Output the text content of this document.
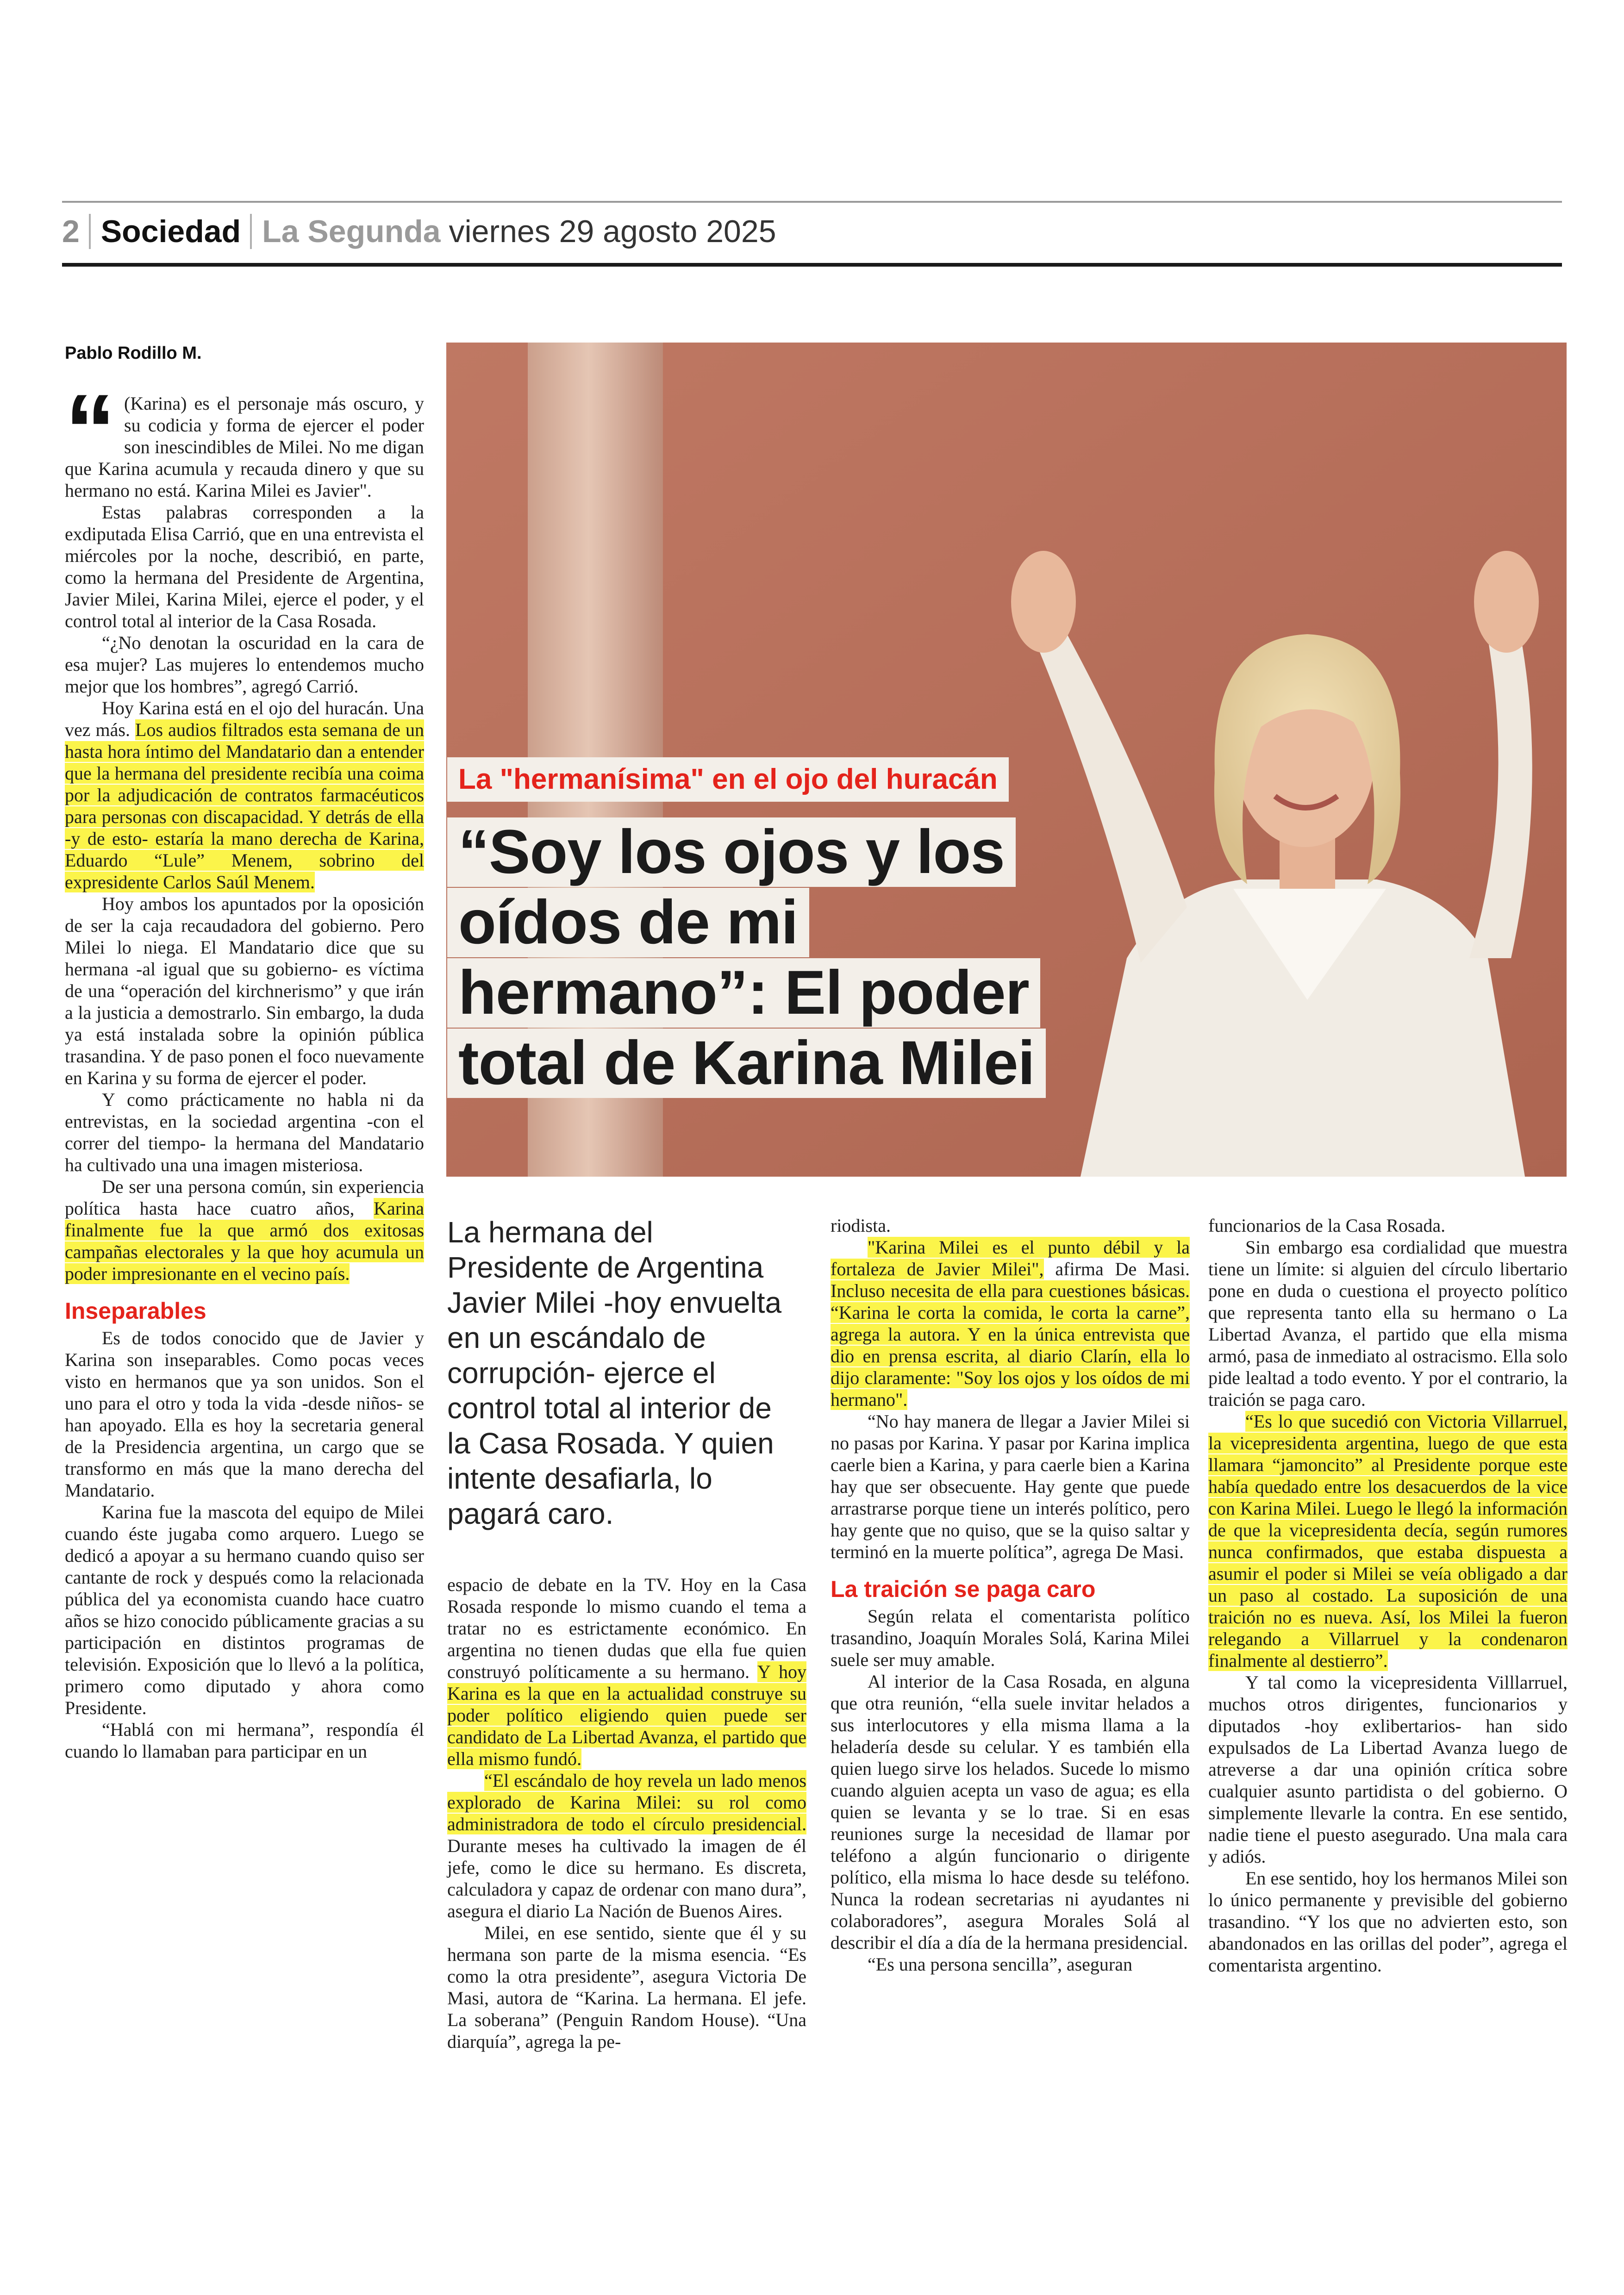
2 Sociedad La Segunda viernes 29 agosto 2025
Pablo Rodillo M.

“ (Karina) es el personaje más oscuro, y su codicia y forma de ejercer el poder son inescindibles de Milei. No me digan que Karina acumula y recauda dinero y que su hermano no está. Karina Milei es Javier".

Estas palabras corresponden a la exdiputada Elisa Carrió, que en una entrevista el miércoles por la noche, describió, en parte, como la hermana del Presidente de Argentina, Javier Milei, Karina Milei, ejerce el poder, y el control total al interior de la Casa Rosada.

“¿No denotan la oscuridad en la cara de esa mujer? Las mujeres lo entendemos mucho mejor que los hombres”, agregó Carrió.

Hoy Karina está en el ojo del huracán. Una vez más. Los audios filtrados esta semana de un hasta hora íntimo del Mandatario dan a entender que la hermana del presidente recibía una coima por la adjudicación de contratos farmacéuticos para personas con discapacidad. Y detrás de ella -y de esto- estaría la mano derecha de Karina, Eduardo “Lule” Menem, sobrino del expresidente Carlos Saúl Menem.

Hoy ambos los apuntados por la oposición de ser la caja recaudadora del gobierno. Pero Milei lo niega. El Mandatario dice que su hermana -al igual que su gobierno- es víctima de una “operación del kirchnerismo” y que irán a la justicia a demostrarlo. Sin embargo, la duda ya está instalada sobre la opinión pública trasandina. Y de paso ponen el foco nuevamente en Karina y su forma de ejercer el poder.

Y como prácticamente no habla ni da entrevistas, en la sociedad argentina -con el correr del tiempo- la hermana del Mandatario ha cultivado una una imagen misteriosa.

De ser una persona común, sin experiencia política hasta hace cuatro años, Karina finalmente fue la que armó dos exitosas campañas electorales y la que hoy acumula un poder impresionante en el vecino país.

Inseparables

Es de todos conocido que de Javier y Karina son inseparables. Como pocas veces visto en hermanos que ya son unidos. Son el uno para el otro y toda la vida -desde niños- se han apoyado. Ella es hoy la secretaria general de la Presidencia argentina, un cargo que se transformo en más que la mano derecha del Mandatario.

Karina fue la mascota del equipo de Milei cuando éste jugaba como arquero. Luego se dedicó a apoyar a su hermano cuando quiso ser cantante de rock y después como la relacionada pública del ya economista cuando hace cuatro años se hizo conocido públicamente gracias a su participación en distintos programas de televisión. Exposición que lo llevó a la política, primero como diputado y ahora como Presidente.

“Hablá con mi hermana”, respondía él cuando lo llamaban para participar en un

La "hermanísima" en el ojo del huracán
“Soy los ojos y los
oídos de mi
hermano”: El poder
total de Karina Milei
La hermana del Presidente de Argentina Javier Milei -hoy envuelta en un escándalo de corrupción- ejerce el control total al interior de la Casa Rosada. Y quien intente desafiarla, lo pagará caro.

espacio de debate en la TV. Hoy en la Casa Rosada responde lo mismo cuando el tema a tratar no es estrictamente económico. En argentina no tienen dudas que ella fue quien construyó políticamente a su hermano. Y hoy Karina es la que en la actualidad construye su poder político eligiendo quien puede ser candidato de La Libertad Avanza, el partido que ella mismo fundó.

“El escándalo de hoy revela un lado menos explorado de Karina Milei: su rol como administradora de todo el círculo presidencial. Durante meses ha cultivado la imagen de él jefe, como le dice su hermano. Es discreta, calculadora y capaz de ordenar con mano dura”, asegura el diario La Nación de Buenos Aires.

Milei, en ese sentido, siente que él y su hermana son parte de la misma esencia. “Es como la otra presidente”, asegura Victoria De Masi, autora de “Karina. La hermana. El jefe. La soberana” (Penguin Random House). “Una diarquía”, agrega la pe-

riodista.

"Karina Milei es el punto débil y la fortaleza de Javier Milei", afirma De Masi. Incluso necesita de ella para cuestiones básicas. “Karina le corta la comida, le corta la carne”, agrega la autora. Y en la única entrevista que dio en prensa escrita, al diario Clarín, ella lo dijo claramente: "Soy los ojos y los oídos de mi hermano".

“No hay manera de llegar a Javier Milei si no pasas por Karina. Y pasar por Karina implica caerle bien a Karina, y para caerle bien a Karina hay que ser obsecuente. Hay gente que puede arrastrarse porque tiene un interés político, pero hay gente que no quiso, que se la quiso saltar y terminó en la muerte política”, agrega De Masi.

La traición se paga caro

Según relata el comentarista político trasandino, Joaquín Morales Solá, Karina Milei suele ser muy amable.

Al interior de la Casa Rosada, en alguna que otra reunión, “ella suele invitar helados a sus interlocutores y ella misma llama a la heladería desde su celular. Y es también ella quien luego sirve los helados. Sucede lo mismo cuando alguien acepta un vaso de agua; es ella quien se levanta y se lo trae. Si en esas reuniones surge la necesidad de llamar por teléfono a algún funcionario o dirigente político, ella misma lo hace desde su teléfono. Nunca la rodean secretarias ni ayudantes ni colaboradores”, asegura Morales Solá al describir el día a día de la hermana presidencial.

“Es una persona sencilla”, aseguran

funcionarios de la Casa Rosada.

Sin embargo esa cordialidad que muestra tiene un límite: si alguien del círculo libertario pone en duda o cuestiona el proyecto político que representa tanto ella su hermano o La Libertad Avanza, el partido que ella misma armó, pasa de inmediato al ostracismo. Ella solo pide lealtad a todo evento. Y por el contrario, la traición se paga caro.

“Es lo que sucedió con Victoria Villarruel, la vicepresidenta argentina, luego de que esta llamara “jamoncito” al Presidente porque este había quedado entre los desacuerdos de la vice con Karina Milei. Luego le llegó la información de que la vicepresidenta decía, según rumores nunca confirmados, que estaba dispuesta a asumir el poder si Milei se veía obligado a dar un paso al costado. La suposición de una traición no es nueva. Así, los Milei la fueron relegando a Villarruel y la condenaron finalmente al destierro”.

Y tal como la vicepresidenta Villlarruel, muchos otros dirigentes, funcionarios y diputados -hoy exlibertarios- han sido expulsados de La Libertad Avanza luego de atreverse a dar una opinión crítica sobre cualquier asunto partidista o del gobierno. O simplemente llevarle la contra. En ese sentido, nadie tiene el puesto asegurado. Una mala cara y adiós.

En ese sentido, hoy los hermanos Milei son lo único permanente y previsible del gobierno trasandino. “Y los que no advierten esto, son abandonados en las orillas del poder”, agrega el comentarista argentino.
